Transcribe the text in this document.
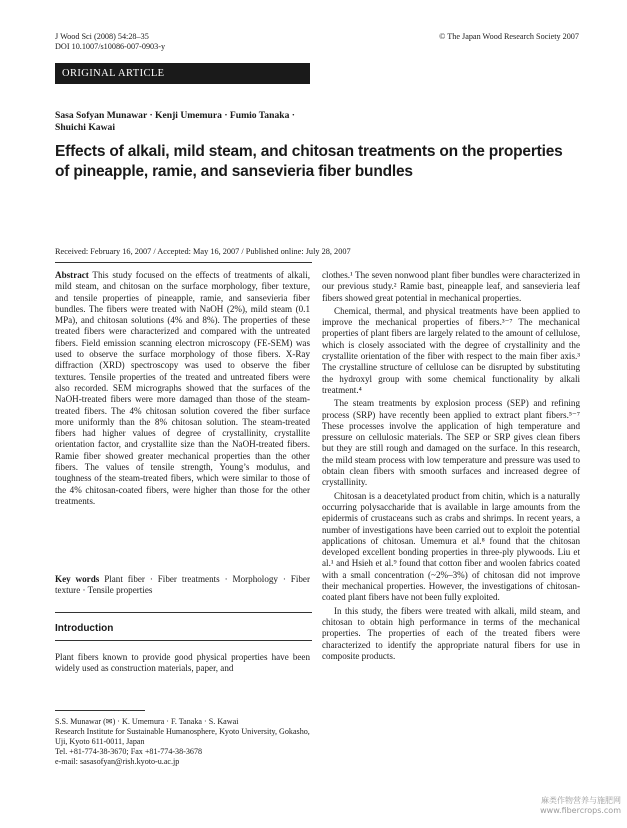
J Wood Sci (2008) 54:28–35
DOI 10.1007/s10086-007-0903-y
© The Japan Wood Research Society 2007
ORIGINAL ARTICLE
Sasa Sofyan Munawar · Kenji Umemura · Fumio Tanaka ·
Shuichi Kawai
Effects of alkali, mild steam, and chitosan treatments on the properties of pineapple, ramie, and sansevieria fiber bundles
Received: February 16, 2007 / Accepted: May 16, 2007 / Published online: July 28, 2007

Abstract This study focused on the effects of treatments of alkali, mild steam, and chitosan on the surface morphology, fiber texture, and tensile properties of pineapple, ramie, and sansevieria fiber bundles. The fibers were treated with NaOH (2%), mild steam (0.1 MPa), and chitosan solutions (4% and 8%). The properties of these treated fibers were characterized and compared with the untreated fibers. Field emission scanning electron microscopy (FE-SEM) was used to observe the surface morphology of those fibers. X-Ray diffraction (XRD) spectroscopy was used to observe the fiber textures. Tensile properties of the treated and untreated fibers were also recorded. SEM micrographs showed that the surfaces of the NaOH-treated fibers were more damaged than those of the steam-treated fibers. The 4% chitosan solution covered the fiber surface more uniformly than the 8% chitosan solution. The steam-treated fibers had higher values of degree of crystallinity, crystallite orientation factor, and crystallite size than the NaOH-treated fibers. Ramie fiber showed greater mechanical properties than the other fibers. The values of tensile strength, Young’s modulus, and toughness of the steam-treated fibers, which were similar to those of the 4% chitosan-coated fibers, were higher than those for the other treatments.

Key words Plant fiber · Fiber treatments · Morphology · Fiber texture · Tensile properties

Introduction

Plant fibers known to provide good physical properties have been widely used as construction materials, paper, and

S.S. Munawar (✉) · K. Umemura · F. Tanaka · S. Kawai
Research Institute for Sustainable Humanosphere, Kyoto University, Gokasho, Uji, Kyoto 611-0011, Japan
Tel. +81-774-38-3670; Fax +81-774-38-3678
e-mail: sasasofyan@rish.kyoto-u.ac.jp

clothes.¹ The seven nonwood plant fiber bundles were characterized in our previous study.² Ramie bast, pineapple leaf, and sansevieria leaf fibers showed great potential in mechanical properties.

Chemical, thermal, and physical treatments have been applied to improve the mechanical properties of fibers.³⁻⁷ The mechanical properties of plant fibers are largely related to the amount of cellulose, which is closely associated with the degree of crystallinity and the crystallite orientation of the fiber with respect to the main fiber axis.³ The crystalline structure of cellulose can be disrupted by substituting the hydroxyl group with some chemical functionality by alkali treatment.⁴

The steam treatments by explosion process (SEP) and refining process (SRP) have recently been applied to extract plant fibers.⁵⁻⁷ These processes involve the application of high temperature and pressure on cellulosic materials. The SEP or SRP gives clean fibers but they are still rough and damaged on the surface. In this research, the mild steam process with low temperature and pressure was used to obtain clean fibers with smooth surfaces and increased degree of crystallinity.

Chitosan is a deacetylated product from chitin, which is a naturally occurring polysaccharide that is available in large amounts from the epidermis of crustaceans such as crabs and shrimps. In recent years, a number of investigations have been carried out to exploit the potential applications of chitosan. Umemura et al.⁸ found that the chitosan developed excellent bonding properties in three-ply plywoods. Liu et al.¹ and Hsieh et al.⁹ found that cotton fiber and woolen fabrics coated with a small concentration (~2%–3%) of chitosan did not improve their mechanical properties. However, the investigations of chitosan-coated plant fibers have not been fully exploited.

In this study, the fibers were treated with alkali, mild steam, and chitosan to obtain high performance in terms of the mechanical properties. The properties of each of the treated fibers were characterized to identify the appropriate natural fibers for use in composite products.

麻类作物营养与施肥网
www.fibercrops.com
